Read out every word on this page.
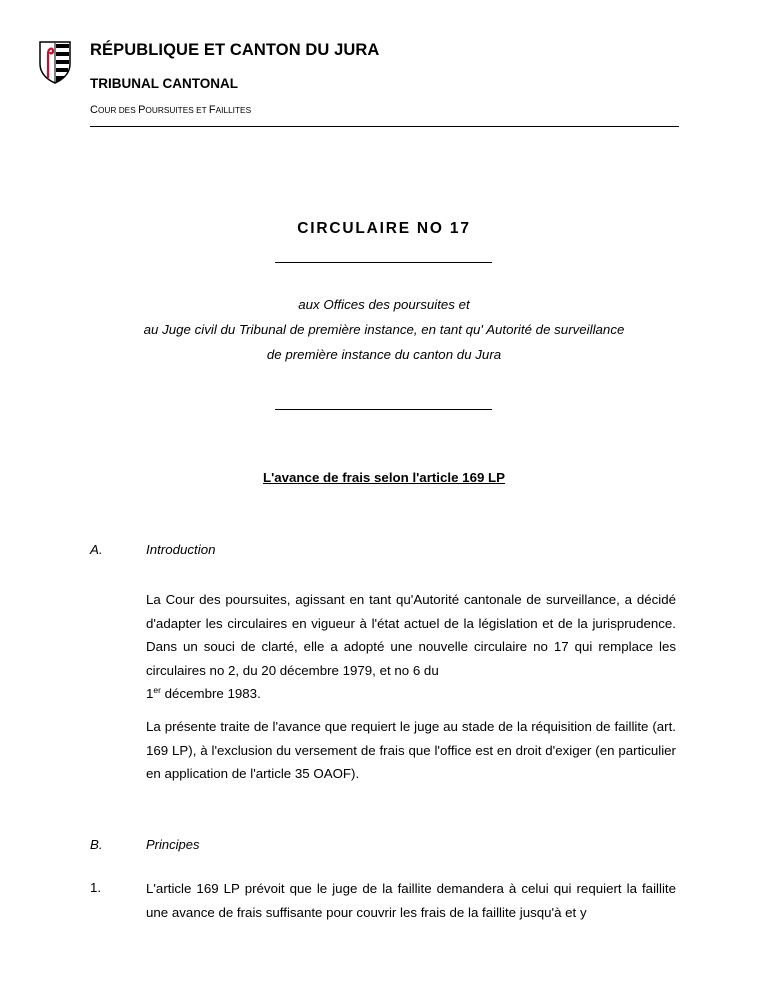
RÉPUBLIQUE ET CANTON DU JURA
TRIBUNAL CANTONAL
COUR DES POURSUITES ET FAILLITES
CIRCULAIRE NO 17
aux Offices des poursuites et
au Juge civil du Tribunal de première instance, en tant qu' Autorité de surveillance
de première instance du canton du Jura
L'avance de frais selon l'article 169 LP
A.	Introduction
La Cour des poursuites, agissant en tant qu'Autorité cantonale de surveillance, a décidé d'adapter les circulaires en vigueur à l'état actuel de la législation et de la jurisprudence. Dans un souci de clarté, elle a adopté une nouvelle circulaire no 17 qui remplace les circulaires no 2, du 20 décembre 1979, et no 6 du
1er décembre 1983.
La présente traite de l'avance que requiert le juge au stade de la réquisition de faillite (art. 169 LP), à l'exclusion du versement de frais que l'office est en droit d'exiger (en particulier en application de l'article 35 OAOF).
B.	Principes
1.	L'article 169 LP prévoit que le juge de la faillite demandera à celui qui requiert la faillite une avance de frais suffisante pour couvrir les frais de la faillite jusqu'à et y
